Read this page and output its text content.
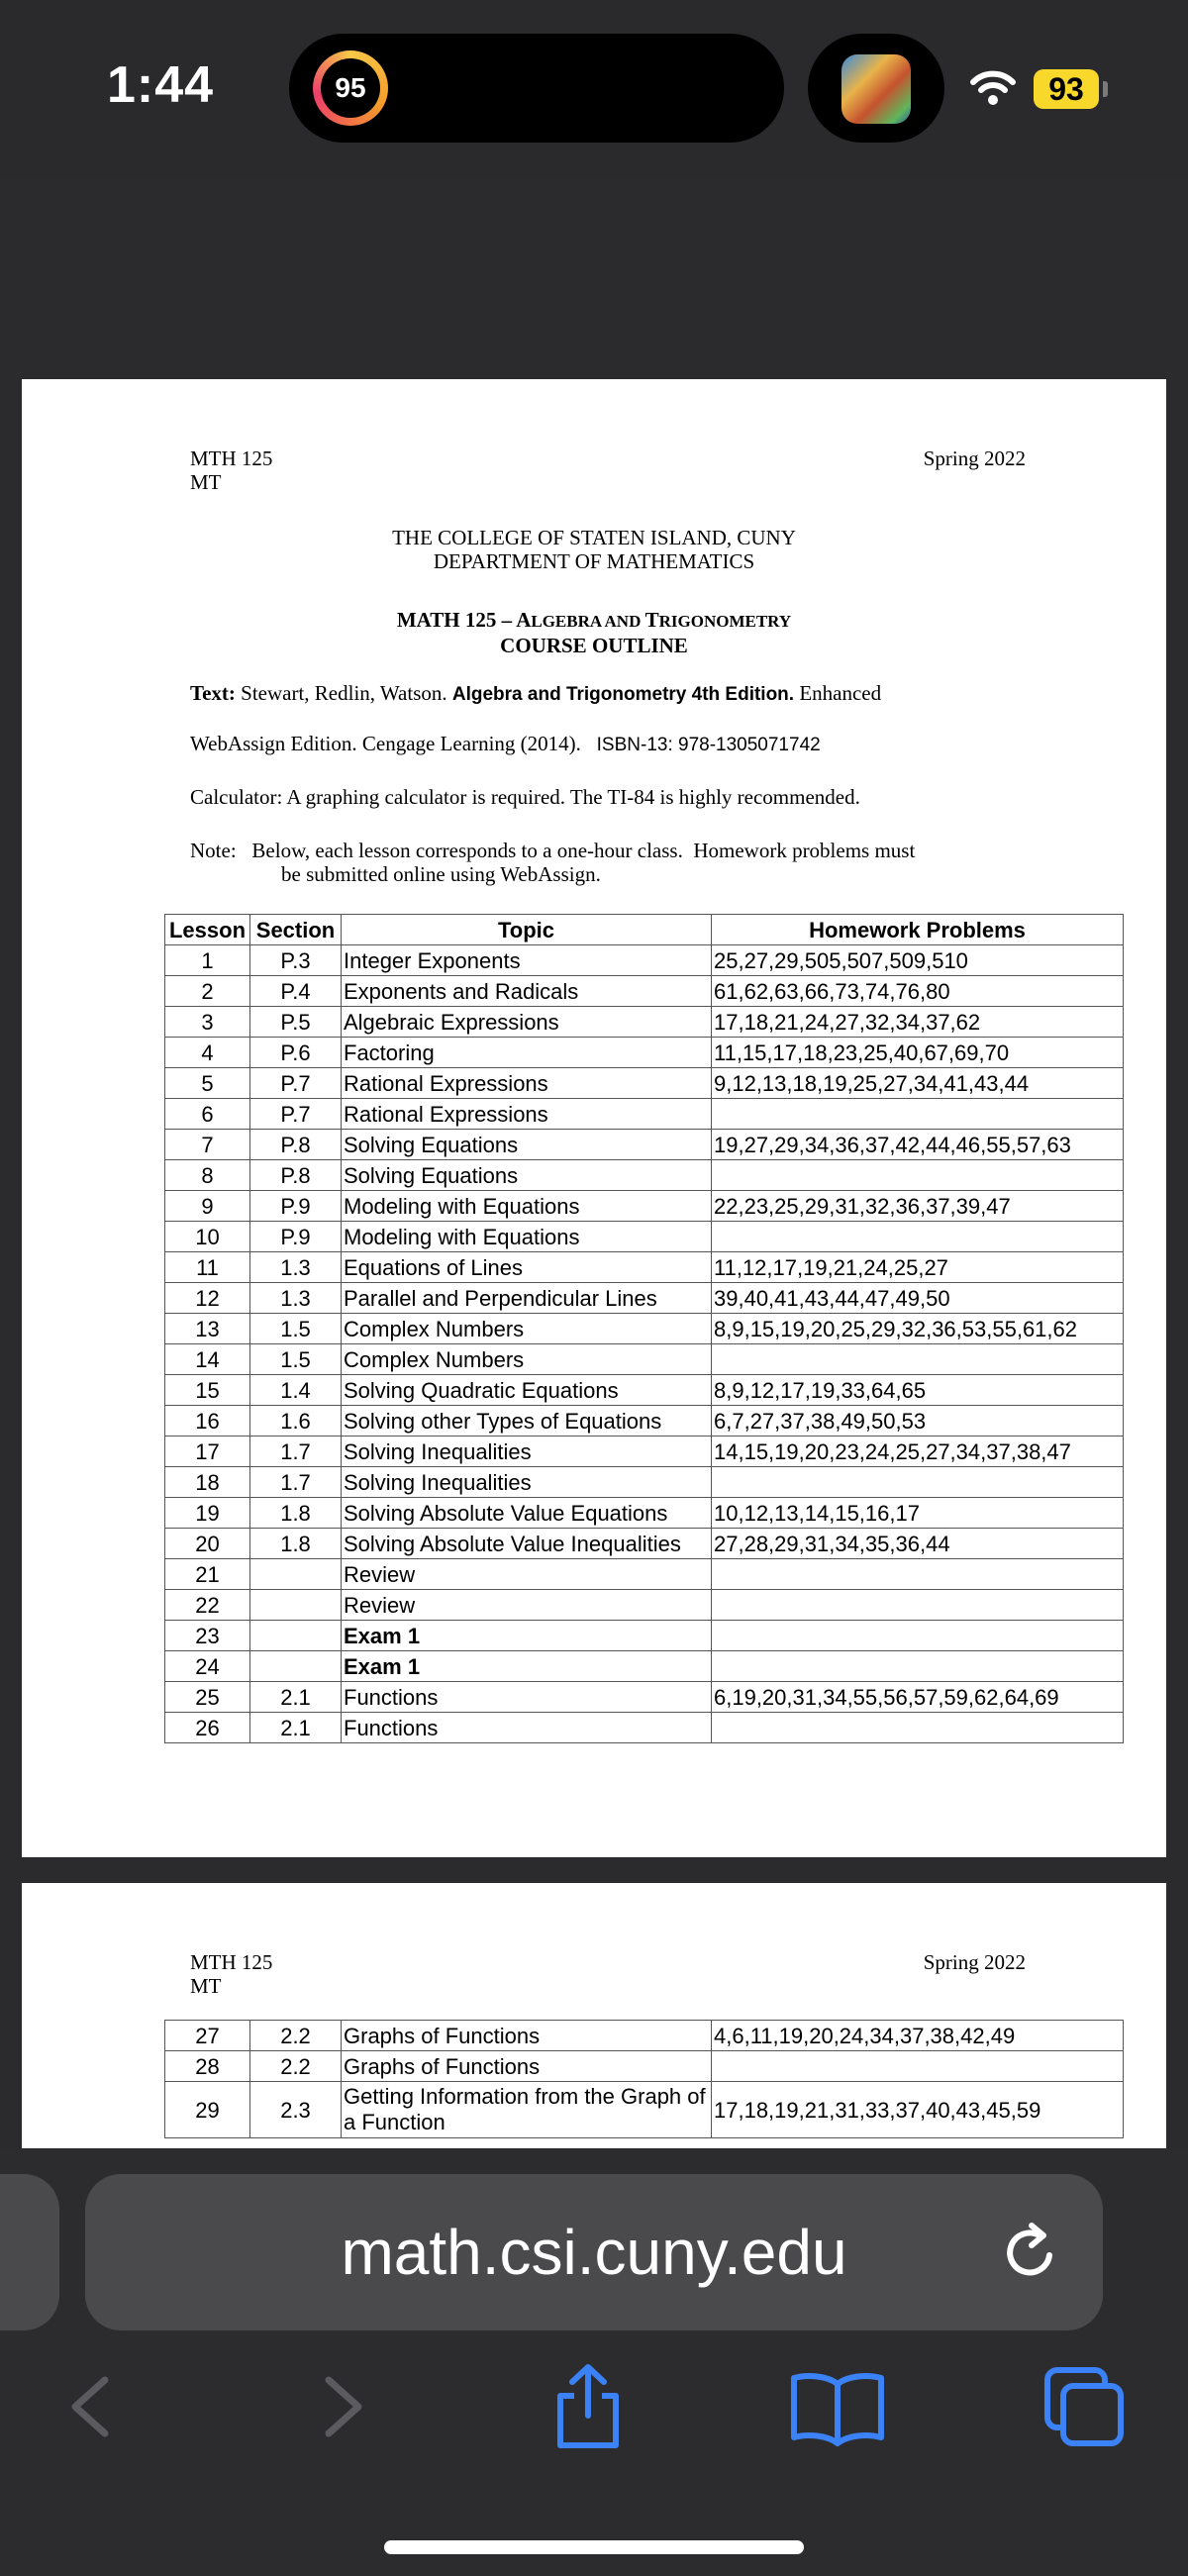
1:44	95	93
MTH 125
MT
Spring 2022
THE COLLEGE OF STATEN ISLAND, CUNY
DEPARTMENT OF MATHEMATICS
MATH 125 – ALGEBRA AND TRIGONOMETRY
COURSE OUTLINE
Text: Stewart, Redlin, Watson. Algebra and Trigonometry 4th Edition. Enhanced
WebAssign Edition. Cengage Learning (2014). ISBN-13: 978-1305071742
Calculator: A graphing calculator is required. The TI-84 is highly recommended.
Note:   Below, each lesson corresponds to a one-hour class.  Homework problems must
be submitted online using WebAssign.
Lesson	Section	Topic	Homework Problems
1	P.3	Integer Exponents	25,27,29,505,507,509,510
2	P.4	Exponents and Radicals	61,62,63,66,73,74,76,80
3	P.5	Algebraic Expressions	17,18,21,24,27,32,34,37,62
4	P.6	Factoring	11,15,17,18,23,25,40,67,69,70
5	P.7	Rational Expressions	9,12,13,18,19,25,27,34,41,43,44
6	P.7	Rational Expressions	
7	P.8	Solving Equations	19,27,29,34,36,37,42,44,46,55,57,63
8	P.8	Solving Equations	
9	P.9	Modeling with Equations	22,23,25,29,31,32,36,37,39,47
10	P.9	Modeling with Equations	
11	1.3	Equations of Lines	11,12,17,19,21,24,25,27
12	1.3	Parallel and Perpendicular Lines	39,40,41,43,44,47,49,50
13	1.5	Complex Numbers	8,9,15,19,20,25,29,32,36,53,55,61,62
14	1.5	Complex Numbers	
15	1.4	Solving Quadratic Equations	8,9,12,17,19,33,64,65
16	1.6	Solving other Types of Equations	6,7,27,37,38,49,50,53
17	1.7	Solving Inequalities	14,15,19,20,23,24,25,27,34,37,38,47
18	1.7	Solving Inequalities	
19	1.8	Solving Absolute Value Equations	10,12,13,14,15,16,17
20	1.8	Solving Absolute Value Inequalities	27,28,29,31,34,35,36,44
21		Review	
22		Review	
23		Exam 1	
24		Exam 1	
25	2.1	Functions	6,19,20,31,34,55,56,57,59,62,64,69
26	2.1	Functions	
MTH 125
MT
Spring 2022
27	2.2	Graphs of Functions	4,6,11,19,20,24,34,37,38,42,49
28	2.2	Graphs of Functions	
29	2.3	Getting Information from the Graph of a Function	17,18,19,21,31,33,37,40,43,45,59
math.csi.cuny.edu
